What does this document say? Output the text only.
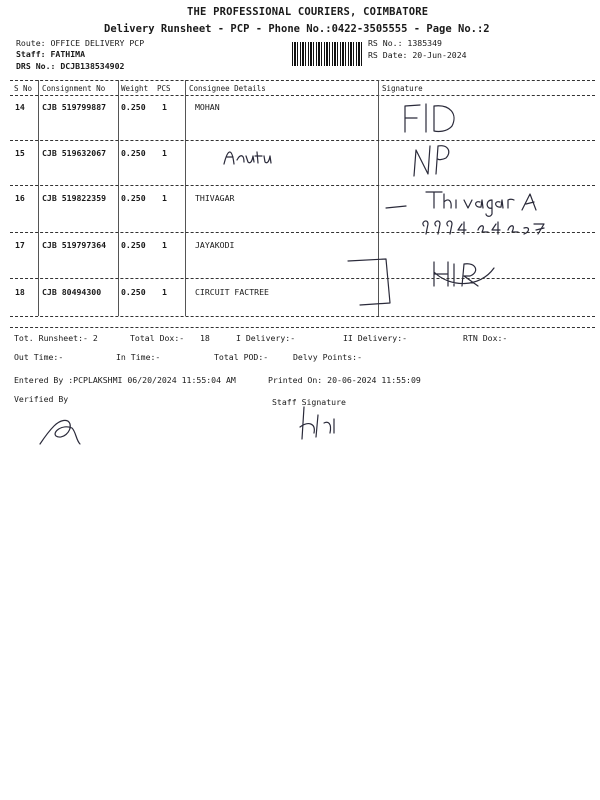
THE PROFESSIONAL COURIERS, COIMBATORE
Delivery Runsheet - PCP - Phone No.:0422-3505555 - Page No.:2
Route: OFFICE DELIVERY PCP
Staff: FATHIMA
DRS No.: DCJB138534902
RS No.: 1385349
RS Date: 20-Jun-2024
S No Consignment No Weight PCS Consignee Details	Signature
14 CJB 519799887 0.250 1	MOHAN
15 CJB 519632067 0.250 1
16 CJB 519822359 0.250 1	THIVAGAR
17 CJB 519797364 0.250 1	JAYAKODI
18 CJB 80494300 0.250 1	CIRCUIT FACTREE
Tot. Runsheet:- 2	Total Dox:- 18	I Delivery:-	II Delivery:-	RTN Dox:-
Out Time:-	In Time:-	Total POD:-	Delvy Points:-
Entered By :PCPLAKSHMI 06/20/2024 11:55:04 AM	Printed On: 20-06-2024 11:55:09
Verified By	Staff Signature
